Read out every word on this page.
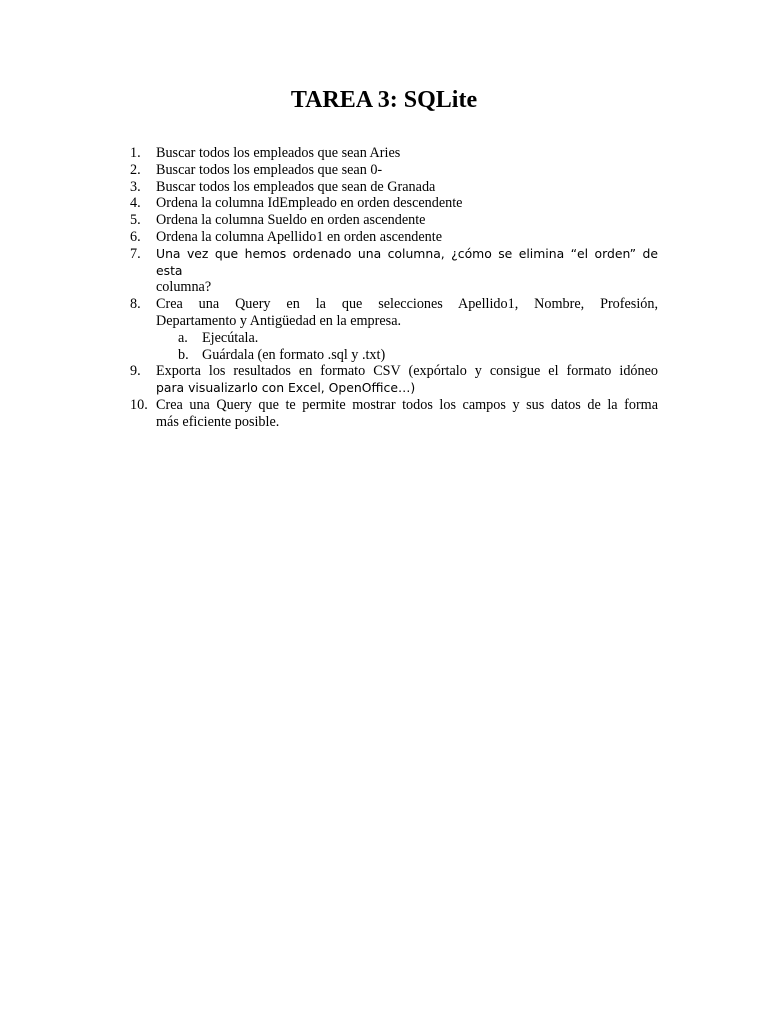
TAREA 3: SQLite
1.	Buscar todos los empleados que sean Aries
2.	Buscar todos los empleados que sean 0-
3.	Buscar todos los empleados que sean de Granada
4.	Ordena la columna IdEmpleado en orden descendente
5.	Ordena la columna Sueldo en orden ascendente
6.	Ordena la columna Apellido1 en orden ascendente
7.	Una vez que hemos ordenado una columna, ¿cómo se elimina “el orden” de esta
columna?
8.	Crea una Query en la que selecciones Apellido1, Nombre, Profesión,
Departamento y Antigüedad en la empresa.
a. Ejecútala.
b. Guárdala (en formato .sql y .txt)
9.	Exporta los resultados en formato CSV (expórtalo y consigue el formato idóneo
para visualizarlo con Excel, OpenOffice…)
10. Crea una Query que te permite mostrar todos los campos y sus datos de la forma
más eficiente posible.
